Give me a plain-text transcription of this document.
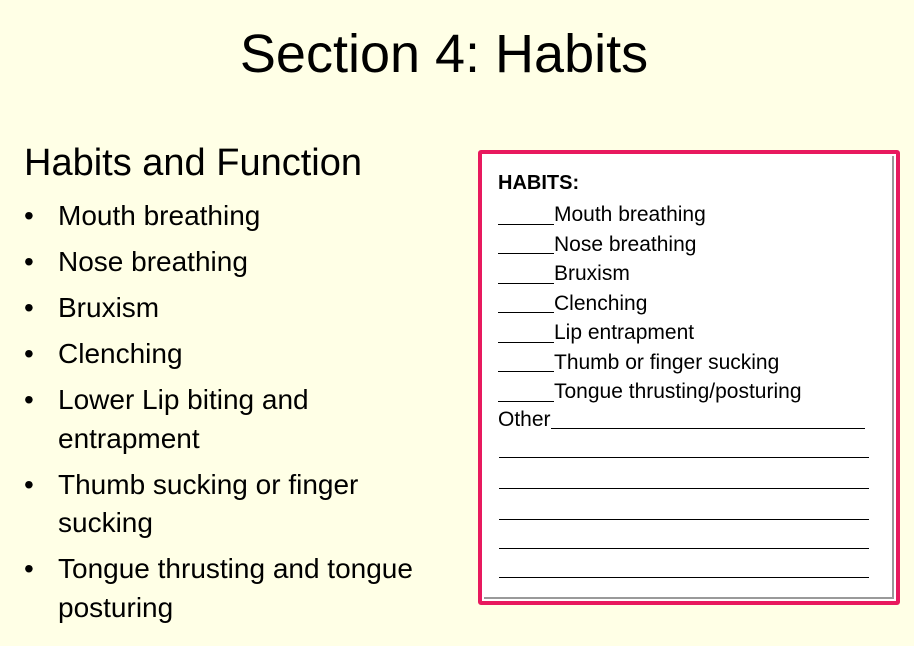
Section 4: Habits
Habits and Function
• Mouth breathing
• Nose breathing
• Bruxism
• Clenching
• Lower Lip biting and entrapment
• Thumb sucking or finger sucking
• Tongue thrusting and tongue posturing
HABITS:
Mouth breathing
Nose breathing
Bruxism
Clenching
Lip entrapment
Thumb or finger sucking
Tongue thrusting/posturing
Other
